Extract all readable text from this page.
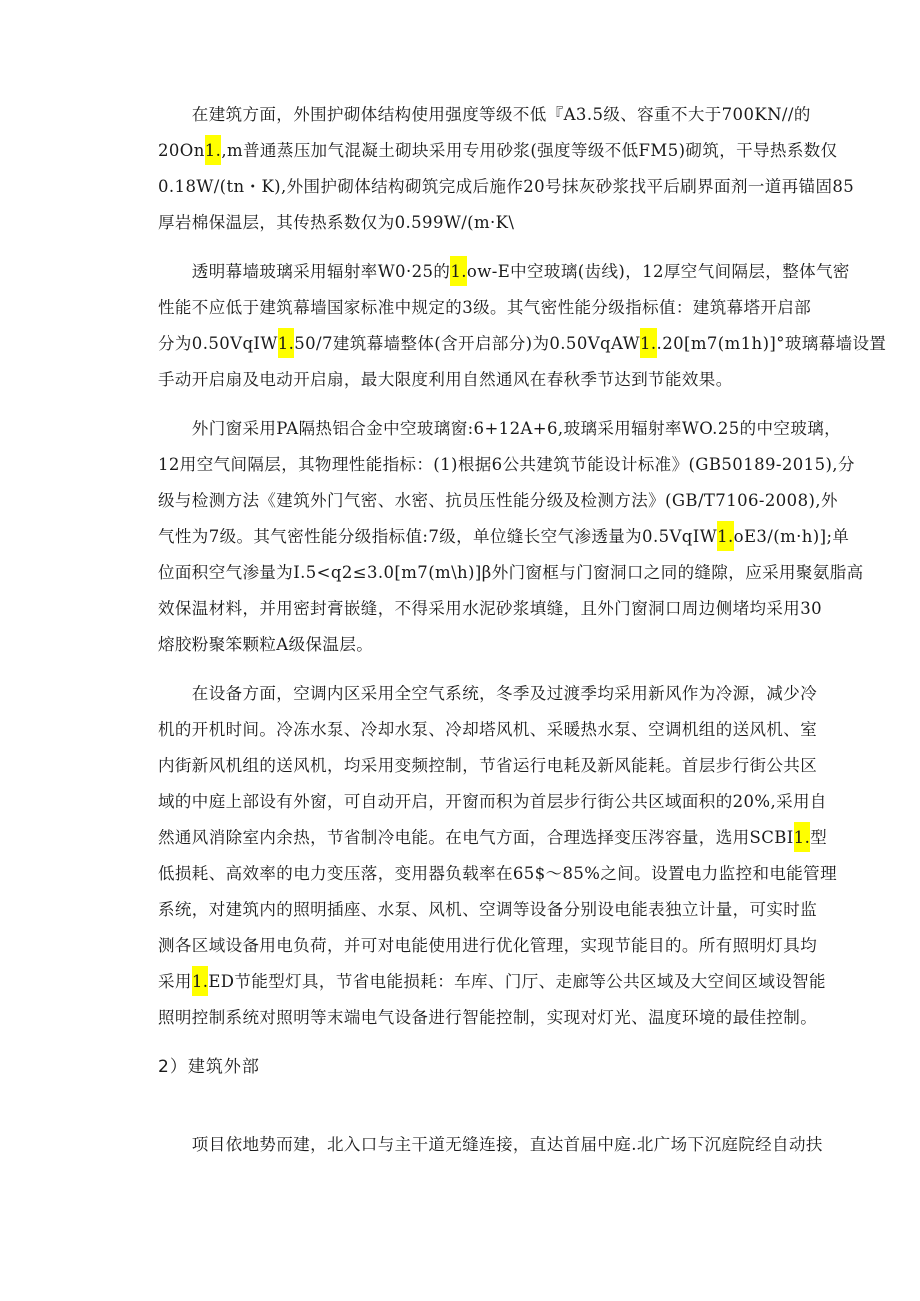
　　在建筑方面，外围护砌体结构使用强度等级不低『A3.5级、容重不大于700KN//的
20On1.,m普通蒸压加气混凝土砌块采用专用砂浆(强度等级不低FM5)砌筑，干导热系数仅
0.18W/(tn・K),外围护砌体结构砌筑完成后施作20号抹灰砂浆找平后刷界面剂一道再锚固85
厚岩棉保温层，其传热系数仅为0.599W/(m·K\
　　透明幕墙玻璃采用辐射率W0·25的1.ow-E中空玻璃(齿线)，12厚空气间隔层，整体气密
性能不应低于建筑幕墙国家标准中规定的3级。其气密性能分级指标值：建筑幕塔开启部
分为0.50VqIW1.50/7建筑幕墙整体(含开启部分)为0.50VqAW1..20[m7(m1h)]°玻璃幕墙设置
手动开启扇及电动开启扇，最大限度利用自然通风在春秋季节达到节能效果。
　　外门窗采用PA隔热铝合金中空玻璃窗:6+12A+6,玻璃采用辐射率WO.25的中空玻璃，
12用空气间隔层，其物理性能指标：(1)根据6公共建筑节能设计标准》(GB50189-2015),分
级与检测方法《建筑外门气密、水密、抗员压性能分级及检测方法》(GB/T7106-2008),外
气性为7级。其气密性能分级指标值:7级，单位缝长空气渗透量为0.5VqIW1.oE3/(m·h)];单
位面积空气渗量为I.5<q2≤3.0[m7(m\h)]β外门窗框与门窗洞口之同的缝隙，应采用聚氨脂高
效保温材料，并用密封膏嵌缝，不得采用水泥砂浆填缝，且外门窗洞口周边侧堵均采用30
熔胶粉聚笨颗粒A级保温层。
　　在设备方面，空调内区采用全空气系统，冬季及过渡季均采用新风作为冷源，减少冷
机的开机时间。冷冻水泵、冷却水泵、冷却塔风机、采暖热水泵、空调机组的送风机、室
内街新风机组的送风机，均采用变频控制，节省运行电耗及新风能耗。首层步行街公共区
域的中庭上部设有外窗，可自动开启，开窗而积为首层步行街公共区域面积的20%,采用自
然通风消除室内余热，节省制冷电能。在电气方面，合理选择变压涔容量，选用SCBI1.型
低损耗、高效率的电力变压落，变用器负载率在65$～85%之间。设置电力监控和电能管理
系统，对建筑内的照明插座、水泵、风机、空调等设备分别设电能表独立计量，可实时监
测各区域设备用电负荷，并可对电能使用进行优化管理，实现节能目的。所有照明灯具均
采用1.ED节能型灯具，节省电能损耗：车库、门厅、走廊等公共区域及大空间区域设智能
照明控制系统对照明等末端电气设备进行智能控制，实现对灯光、温度环境的最佳控制。
2）建筑外部
　　项目依地势而建，北入口与主干道无缝连接，直达首届中庭.北广场下沉庭院经自动扶
